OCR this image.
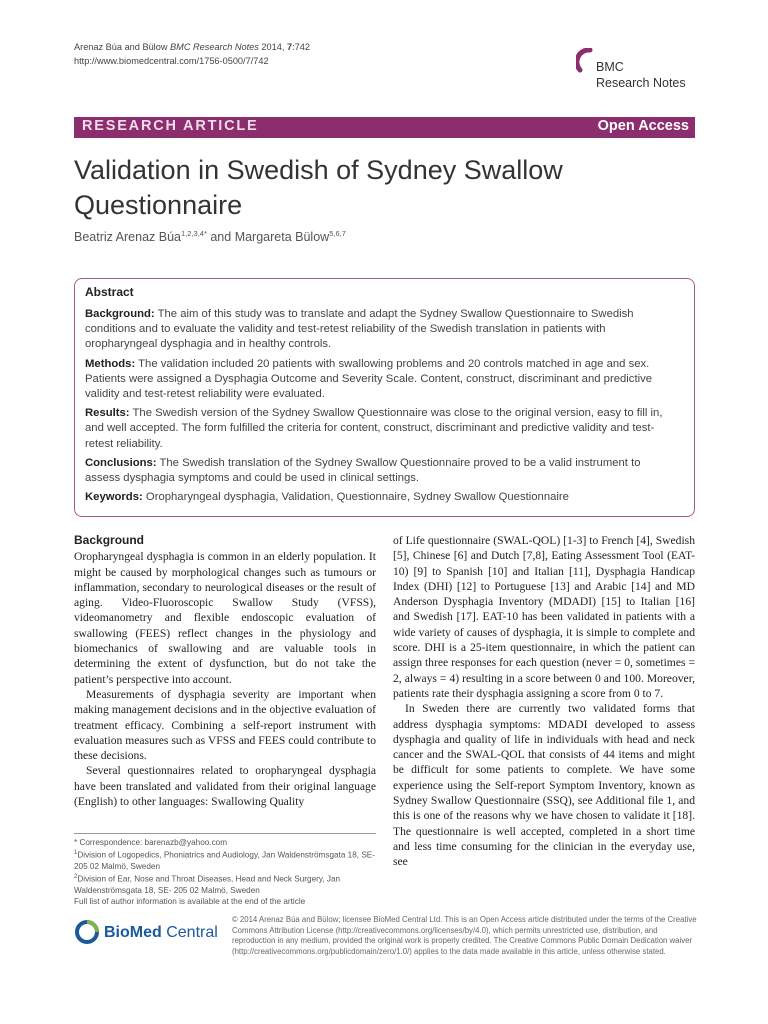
Arenaz Búa and Bülow BMC Research Notes 2014, 7:742
http://www.biomedcentral.com/1756-0500/7/742	BMC
Research Notes
RESEARCH ARTICLE	Open Access
Validation in Swedish of Sydney Swallow
Questionnaire
Beatriz Arenaz Búa$^{1,2,3,4*}$ and Margareta Bülow$^{5,6,7}$
Abstract

Background: The aim of this study was to translate and adapt the Sydney Swallow Questionnaire to Swedish conditions and to evaluate the validity and test-retest reliability of the Swedish translation in patients with oropharyngeal dysphagia and in healthy controls.

Methods: The validation included 20 patients with swallowing problems and 20 controls matched in age and sex. Patients were assigned a Dysphagia Outcome and Severity Scale. Content, construct, discriminant and predictive validity and test-retest reliability were evaluated.

Results: The Swedish version of the Sydney Swallow Questionnaire was close to the original version, easy to fill in, and well accepted. The form fulfilled the criteria for content, construct, discriminant and predictive validity and test-retest reliability.

Conclusions: The Swedish translation of the Sydney Swallow Questionnaire proved to be a valid instrument to assess dysphagia symptoms and could be used in clinical settings.

Keywords: Oropharyngeal dysphagia, Validation, Questionnaire, Sydney Swallow Questionnaire

Background

Oropharyngeal dysphagia is common in an elderly population. It might be caused by morphological changes such as tumours or inflammation, secondary to neurological diseases or the result of aging. Video-Fluoroscopic Swallow Study (VFSS), videomanometry and flexible endoscopic evaluation of swallowing (FEES) reflect changes in the physiology and biomechanics of swallowing and are valuable tools in determining the extent of dysfunction, but do not take the patient’s perspective into account.

Measurements of dysphagia severity are important when making management decisions and in the objective evaluation of treatment efficacy. Combining a self-report instrument with evaluation measures such as VFSS and FEES could contribute to these decisions.

Several questionnaires related to oropharyngeal dysphagia have been translated and validated from their original language (English) to other languages: Swallowing Quality

of Life questionnaire (SWAL-QOL) [1-3] to French [4], Swedish [5], Chinese [6] and Dutch [7,8], Eating Assessment Tool (EAT-10) [9] to Spanish [10] and Italian [11], Dysphagia Handicap Index (DHI) [12] to Portuguese [13] and Arabic [14] and MD Anderson Dysphagia Inventory (MDADI) [15] to Italian [16] and Swedish [17]. EAT-10 has been validated in patients with a wide variety of causes of dysphagia, it is simple to complete and score. DHI is a 25-item questionnaire, in which the patient can assign three responses for each question (never = 0, sometimes = 2, always = 4) resulting in a score between 0 and 100. Moreover, patients rate their dysphagia assigning a score from 0 to 7.

In Sweden there are currently two validated forms that address dysphagia symptoms: MDADI developed to assess dysphagia and quality of life in individuals with head and neck cancer and the SWAL-QOL that consists of 44 items and might be difficult for some patients to complete. We have some experience using the Self-report Symptom Inventory, known as Sydney Swallow Questionnaire (SSQ), see Additional file 1, and this is one of the reasons why we have chosen to validate it [18]. The questionnaire is well accepted, completed in a short time and less time consuming for the clinician in the everyday use, see

* Correspondence: barenazb@yahoo.com
$^1$Division of Logopedics, Phoniatrics and Audiology, Jan Waldenströmsgata 18, SE- 205 02 Malmö, Sweden
$^2$Division of Ear, Nose and Throat Diseases, Head and Neck Surgery, Jan Waldenströmsgata 18, SE- 205 02 Malmö, Sweden
Full list of author information is available at the end of the article
BioMed Central
© 2014 Arenaz Búa and Bülow; licensee BioMed Central Ltd. This is an Open Access article distributed under the terms of the Creative Commons Attribution License (http://creativecommons.org/licenses/by/4.0), which permits unrestricted use, distribution, and reproduction in any medium, provided the original work is properly credited. The Creative Commons Public Domain Dedication waiver (http://creativecommons.org/publicdomain/zero/1.0/) applies to the data made available in this article, unless otherwise stated.
